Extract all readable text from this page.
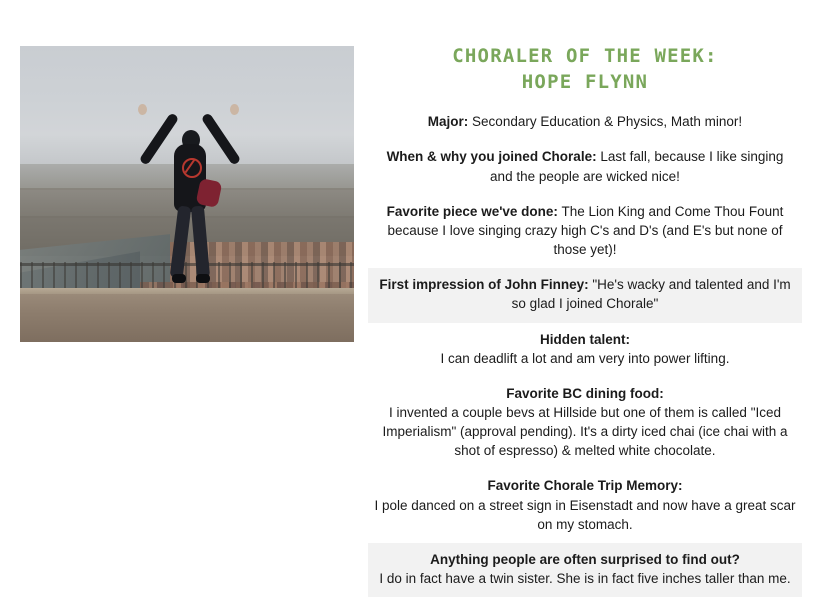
CHORALER OF THE WEEK:
HOPE FLYNN
Major: Secondary Education & Physics, Math minor!
When & why you joined Chorale: Last fall, because I like singing and the people are wicked nice!
Favorite piece we've done: The Lion King and Come Thou Fount because I love singing crazy high C's and D's (and E's but none of those yet)!
First impression of John Finney: "He's wacky and talented and I'm so glad I joined Chorale"
Hidden talent:
I can deadlift a lot and am very into power lifting.
Favorite BC dining food:
I invented a couple bevs at Hillside but one of them is called "Iced Imperialism" (approval pending). It's a dirty iced chai (ice chai with a shot of espresso) & melted white chocolate.
Favorite Chorale Trip Memory:
I pole danced on a street sign in Eisenstadt and now have a great scar on my stomach.
Anything people are often surprised to find out?
I do in fact have a twin sister. She is in fact five inches taller than me.
